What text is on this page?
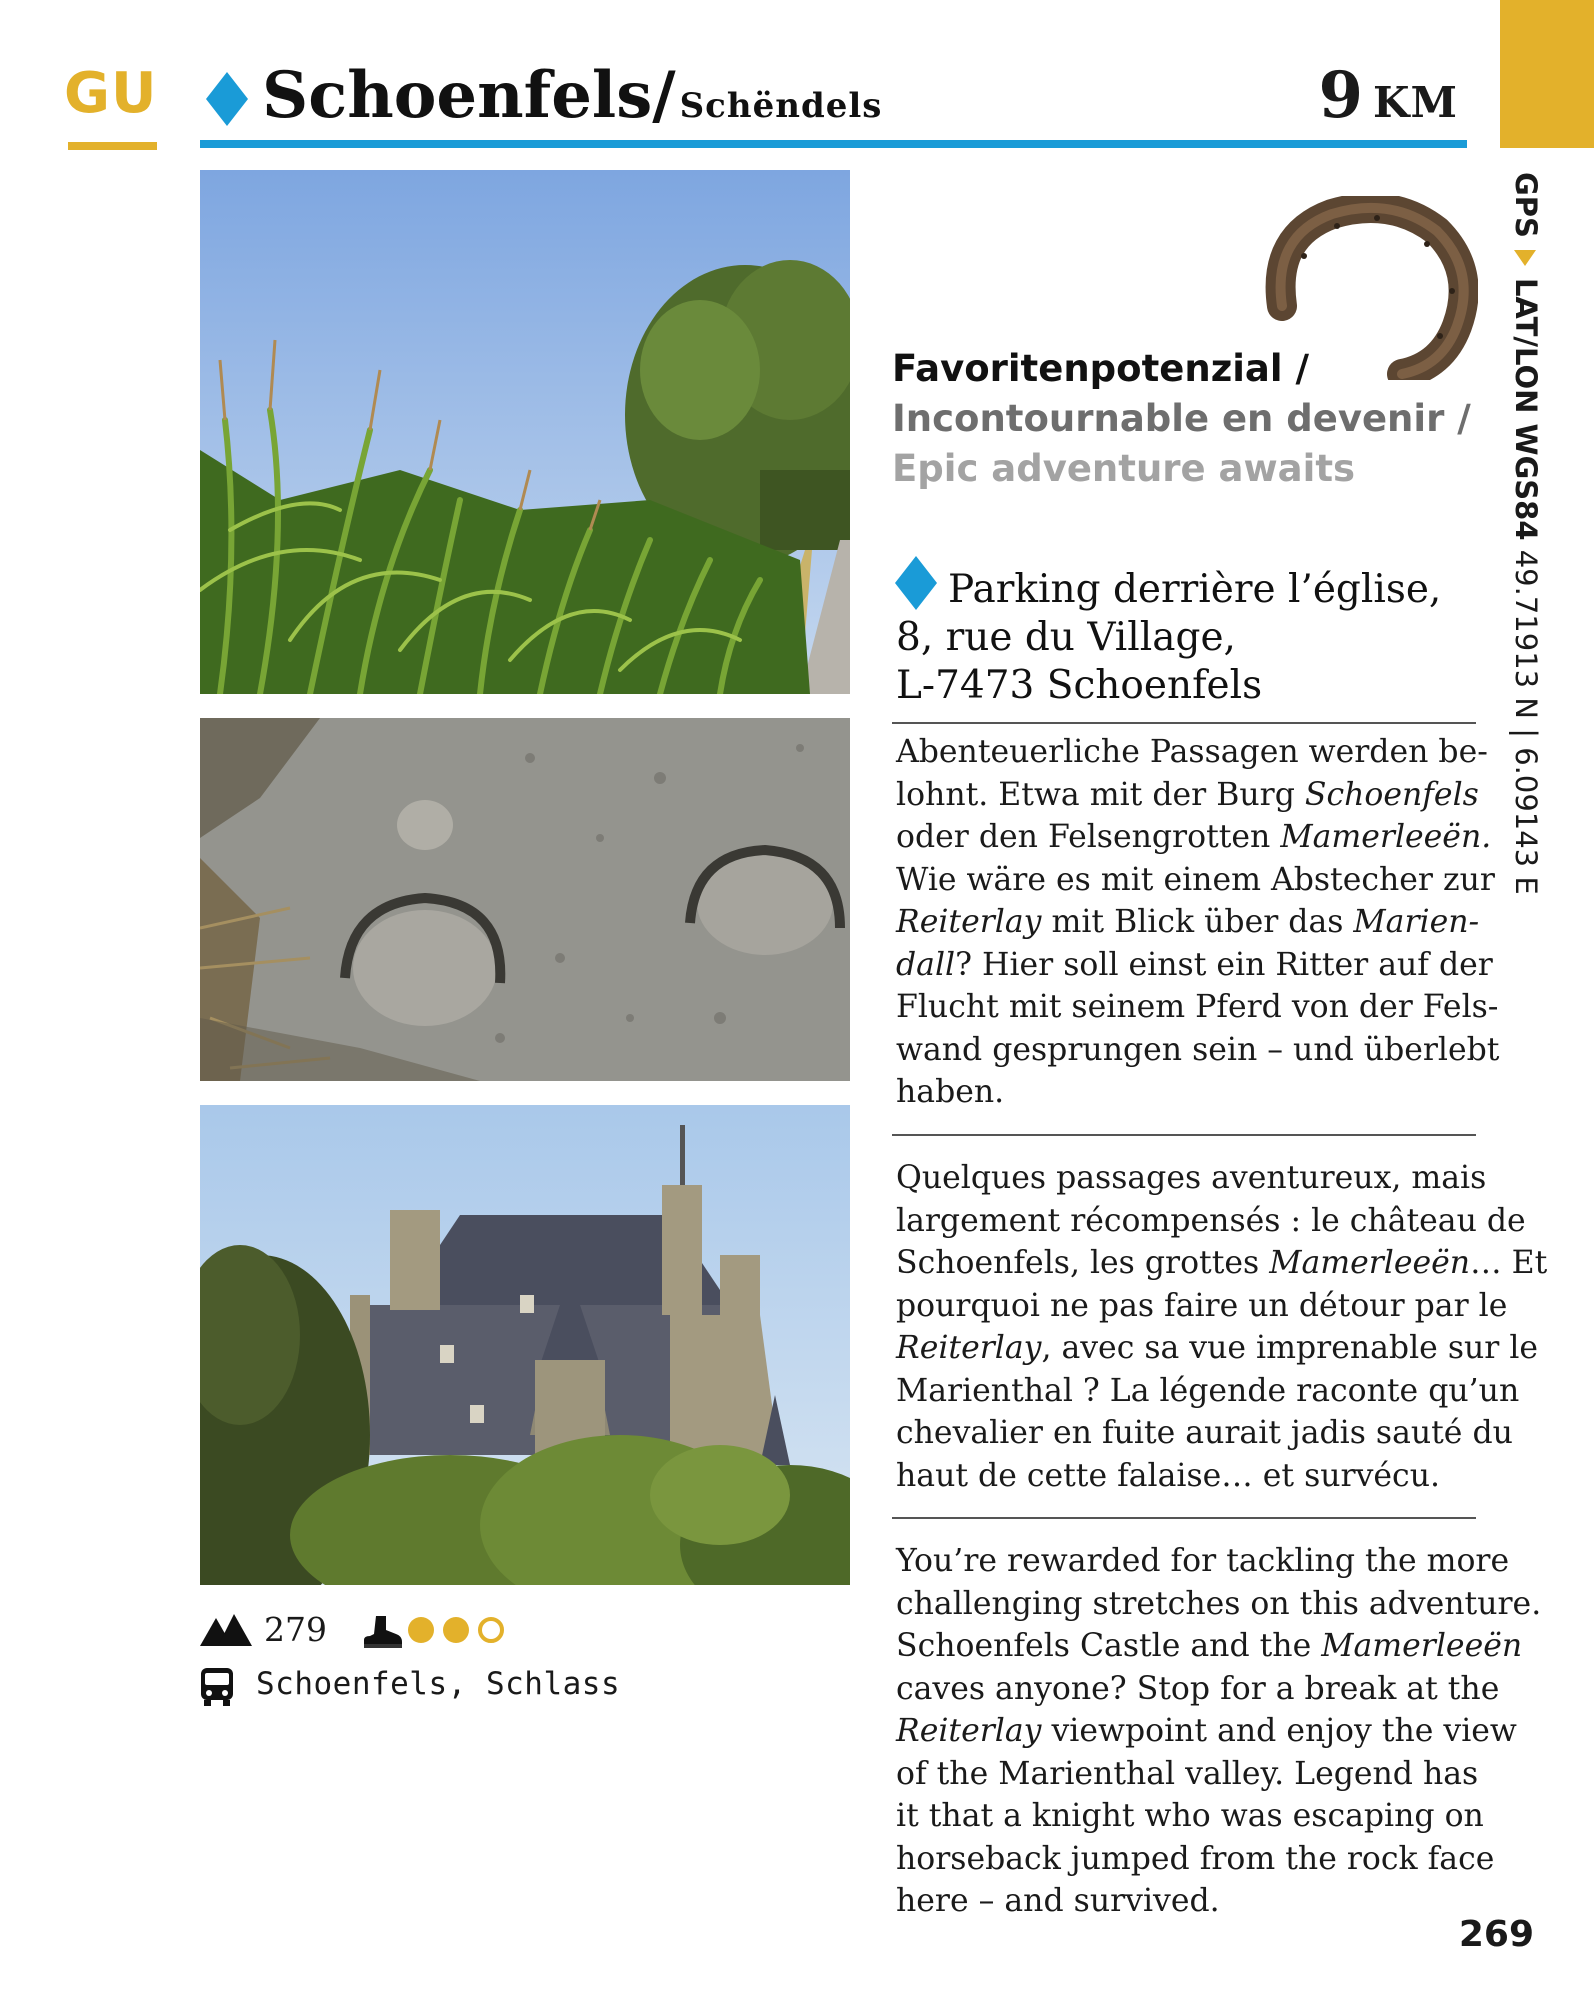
GU Schoenfels/ Schëndels	9 KM
GPSLAT/LON WGS84 49.71913 N | 6.09143 E
279
Schoenfels, Schlass
Favoritenpotenzial /
Incontournable en devenir /
Epic adventure awaits
Parking derrière l’église,
8, rue du Village,
L-7473 Schoenfels
Abenteuerliche Passagen werden be-
lohnt. Etwa mit der Burg Schoenfels
oder den Felsengrotten Mamerleeën.
Wie wäre es mit einem Abstecher zur
Reiterlay mit Blick über das Marien-
dall? Hier soll einst ein Ritter auf der
Flucht mit seinem Pferd von der Fels-
wand gesprungen sein – und überlebt
haben.
Quelques passages aventureux, mais
largement récompensés : le château de
Schoenfels, les grottes Mamerleeën… Et
pourquoi ne pas faire un détour par le
Reiterlay, avec sa vue imprenable sur le
Marienthal ? La légende raconte qu’un
chevalier en fuite aurait jadis sauté du
haut de cette falaise… et survécu.
You’re rewarded for tackling the more
challenging stretches on this adventure.
Schoenfels Castle and the Mamerleeën
caves anyone? Stop for a break at the
Reiterlay viewpoint and enjoy the view
of the Marienthal valley. Legend has
it that a knight who was escaping on
horseback jumped from the rock face
here – and survived.
269
